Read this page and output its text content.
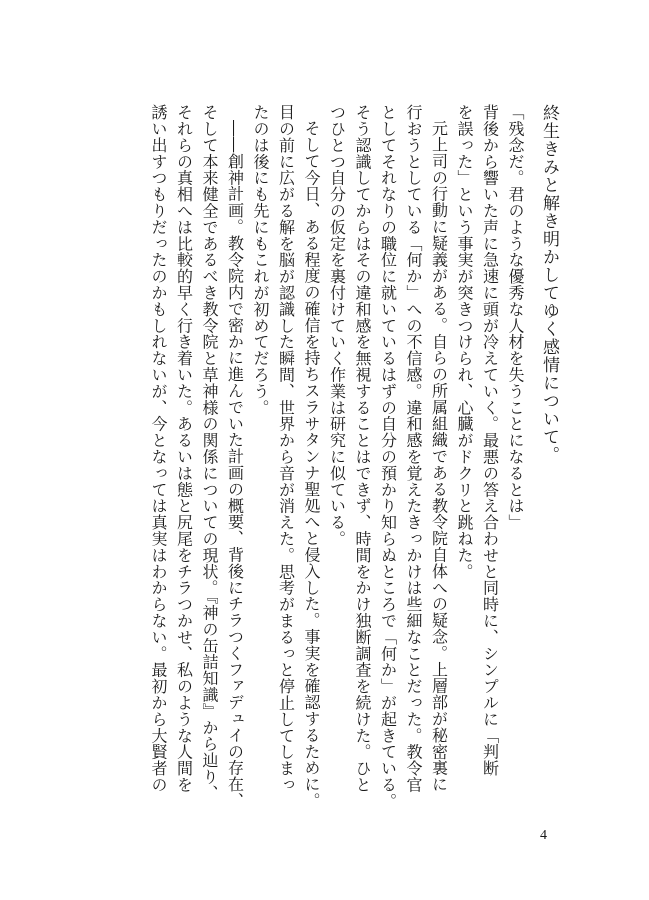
終生きみと解き明かしてゆく感情について。
「残念だ。君のような優秀な人材を失うことになるとは」
背後から響いた声に急速に頭が冷えていく。最悪の答え合わせと同時に、シンプルに「判断
を誤った」という事実が突きつけられ、心臓がドクリと跳ねた。
元上司の行動に疑義がある。自らの所属組織である教令院自体への疑念。上層部が秘密裏に
行おうとしている「何か」への不信感。違和感を覚えたきっかけは些細なことだった。教令官
としてそれなりの職位に就いているはずの自分の預かり知らぬところで「何か」が起きている。
そう認識してからはその違和感を無視することはできず、時間をかけ独断調査を続けた。ひと
つひとつ自分の仮定を裏付けていく作業は研究に似ている。
そして今日、ある程度の確信を持ちスラサタンナ聖処へと侵入した。事実を確認するために。
目の前に広がる解を脳が認識した瞬間、世界から音が消えた。思考がまるっと停止してしまっ
たのは後にも先にもこれが初めてだろう。
――創神計画。教令院内で密かに進んでいた計画の概要、背後にチラつくファデュイの存在、
そして本来健全であるべき教令院と草神様の関係についての現状。『神の缶詰知識』から辿り、
それらの真相へは比較的早く行き着いた。あるいは態と尻尾をチラつかせ、私のような人間を
誘い出すつもりだったのかもしれないが、今となっては真実はわからない。最初から大賢者の
4
